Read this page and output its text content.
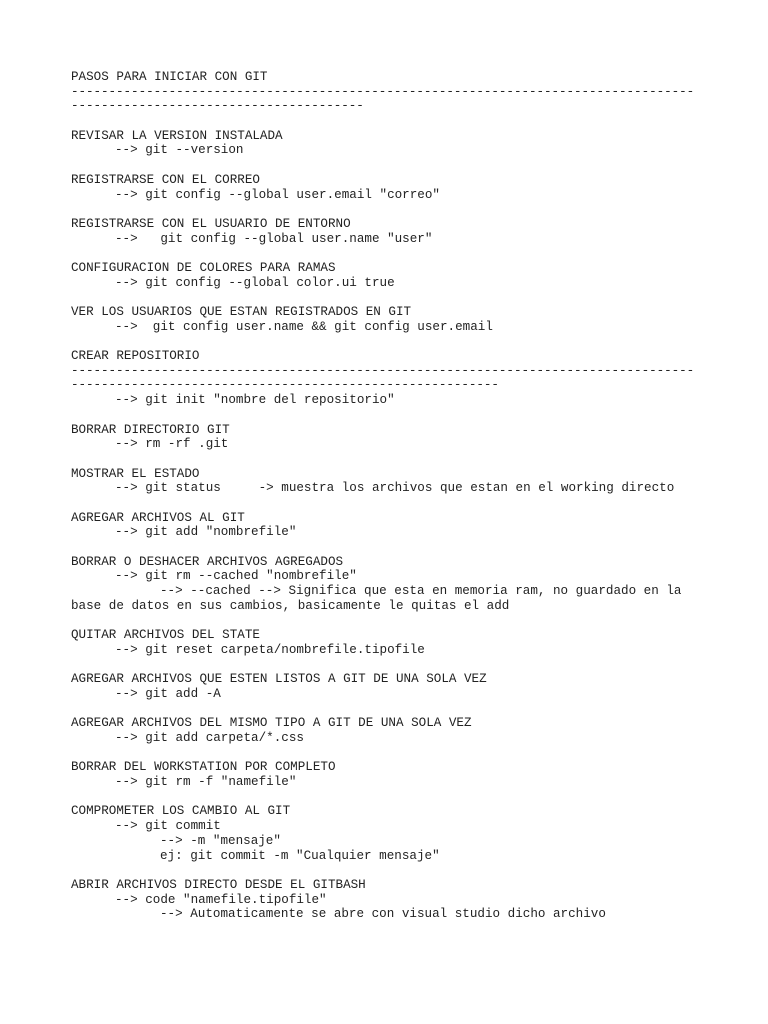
PASOS PARA INICIAR CON GIT
--------------------------------------------------------------------------------------------------------------------------
REVISAR LA VERSION INSTALADA
--> git --version
REGISTRARSE CON EL CORREO
--> git config --global user.email "correo"
REGISTRARSE CON EL USUARIO DE ENTORNO
-->   git config --global user.name "user"
CONFIGURACION DE COLORES PARA RAMAS
--> git config --global color.ui true
VER LOS USUARIOS QUE ESTAN REGISTRADOS EN GIT
-->  git config user.name && git config user.email
CREAR REPOSITORIO
--------------------------------------------------------------------------------------------------------------------------------------------
--> git init "nombre del repositorio"
BORRAR DIRECTORIO GIT
--> rm -rf .git
MOSTRAR EL ESTADO
--> git status     -> muestra los archivos que estan en el working directo
AGREGAR ARCHIVOS AL GIT
--> git add "nombrefile"
BORRAR O DESHACER ARCHIVOS AGREGADOS
--> git rm --cached "nombrefile"
--> --cached --> Significa que esta en memoria ram, no guardado en la
base de datos en sus cambios, basicamente le quitas el add
QUITAR ARCHIVOS DEL STATE
--> git reset carpeta/nombrefile.tipofile
AGREGAR ARCHIVOS QUE ESTEN LISTOS A GIT DE UNA SOLA VEZ
--> git add -A
AGREGAR ARCHIVOS DEL MISMO TIPO A GIT DE UNA SOLA VEZ
--> git add carpeta/*.css
BORRAR DEL WORKSTATION POR COMPLETO
--> git rm -f "namefile"
COMPROMETER LOS CAMBIO AL GIT
--> git commit
--> -m "mensaje"
ej: git commit -m "Cualquier mensaje"
ABRIR ARCHIVOS DIRECTO DESDE EL GITBASH
--> code "namefile.tipofile"
--> Automaticamente se abre con visual studio dicho archivo
